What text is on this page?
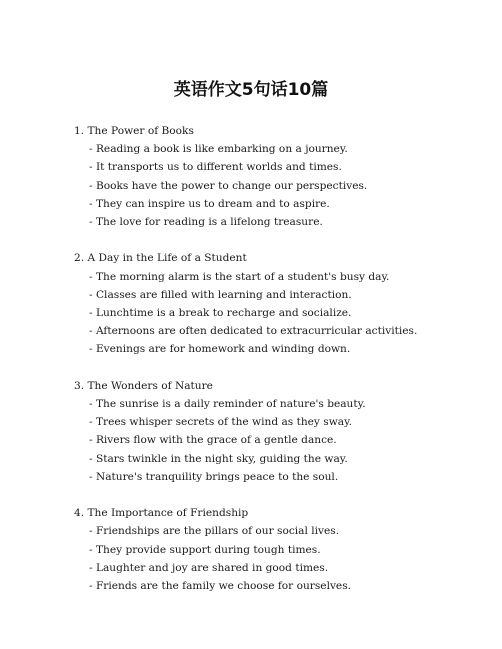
英语作文5句话10篇

1. The Power of Books

- Reading a book is like embarking on a journey.

- It transports us to different worlds and times.

- Books have the power to change our perspectives.

- They can inspire us to dream and to aspire.

- The love for reading is a lifelong treasure.

2. A Day in the Life of a Student

- The morning alarm is the start of a student's busy day.

- Classes are filled with learning and interaction.

- Lunchtime is a break to recharge and socialize.

- Afternoons are often dedicated to extracurricular activities.

- Evenings are for homework and winding down.

3. The Wonders of Nature

- The sunrise is a daily reminder of nature's beauty.

- Trees whisper secrets of the wind as they sway.

- Rivers flow with the grace of a gentle dance.

- Stars twinkle in the night sky, guiding the way.

- Nature's tranquility brings peace to the soul.

4. The Importance of Friendship

- Friendships are the pillars of our social lives.

- They provide support during tough times.

- Laughter and joy are shared in good times.

- Friends are the family we choose for ourselves.
